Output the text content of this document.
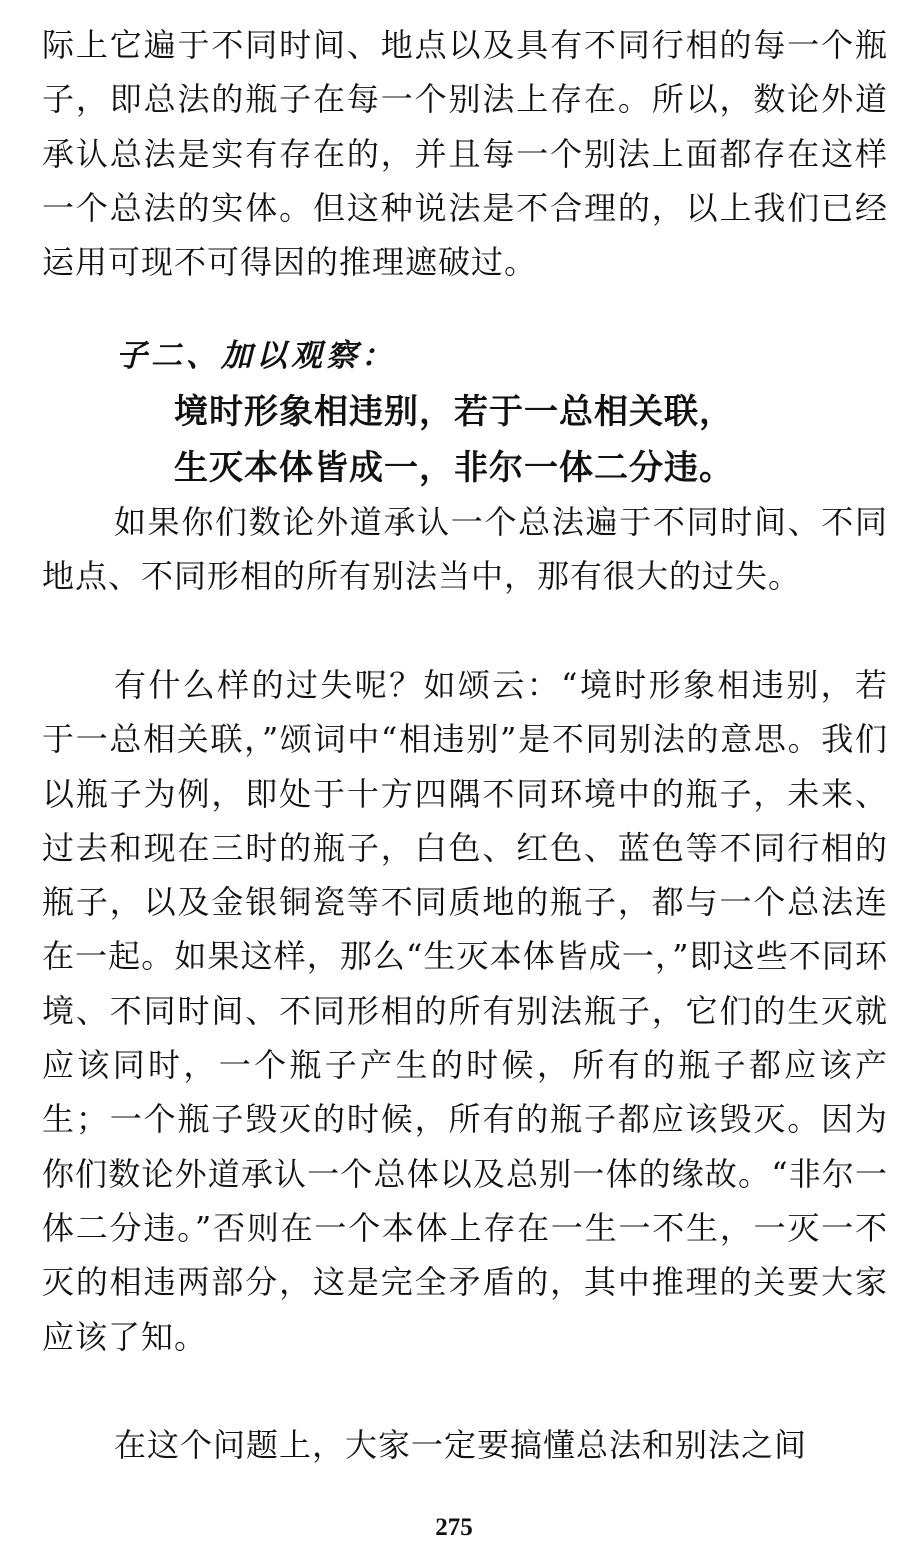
际上它遍于不同时间、地点以及具有不同行相的每一个瓶子，即总法的瓶子在每一个别法上存在。所以，数论外道承认总法是实有存在的，并且每一个别法上面都存在这样一个总法的实体。但这种说法是不合理的，以上我们已经运用可现不可得因的推理遮破过。

子二、加以观察：

境时形象相违别，若于一总相关联，

生灭本体皆成一，非尔一体二分违。

如果你们数论外道承认一个总法遍于不同时间、不同地点、不同形相的所有别法当中，那有很大的过失。

有什么样的过失呢？如颂云：“境时形象相违别，若于一总相关联，”颂词中“相违别”是不同别法的意思。我们以瓶子为例，即处于十方四隅不同环境中的瓶子，未来、过去和现在三时的瓶子，白色、红色、蓝色等不同行相的瓶子，以及金银铜瓷等不同质地的瓶子，都与一个总法连在一起。如果这样，那么“生灭本体皆成一，”即这些不同环境、不同时间、不同形相的所有别法瓶子，它们的生灭就应该同时，一个瓶子产生的时候，所有的瓶子都应该产生；一个瓶子毁灭的时候，所有的瓶子都应该毁灭。因为你们数论外道承认一个总体以及总别一体的缘故。“非尔一体二分违。”否则在一个本体上存在一生一不生，一灭一不灭的相违两部分，这是完全矛盾的，其中推理的关要大家应该了知。

在这个问题上，大家一定要搞懂总法和别法之间

275
